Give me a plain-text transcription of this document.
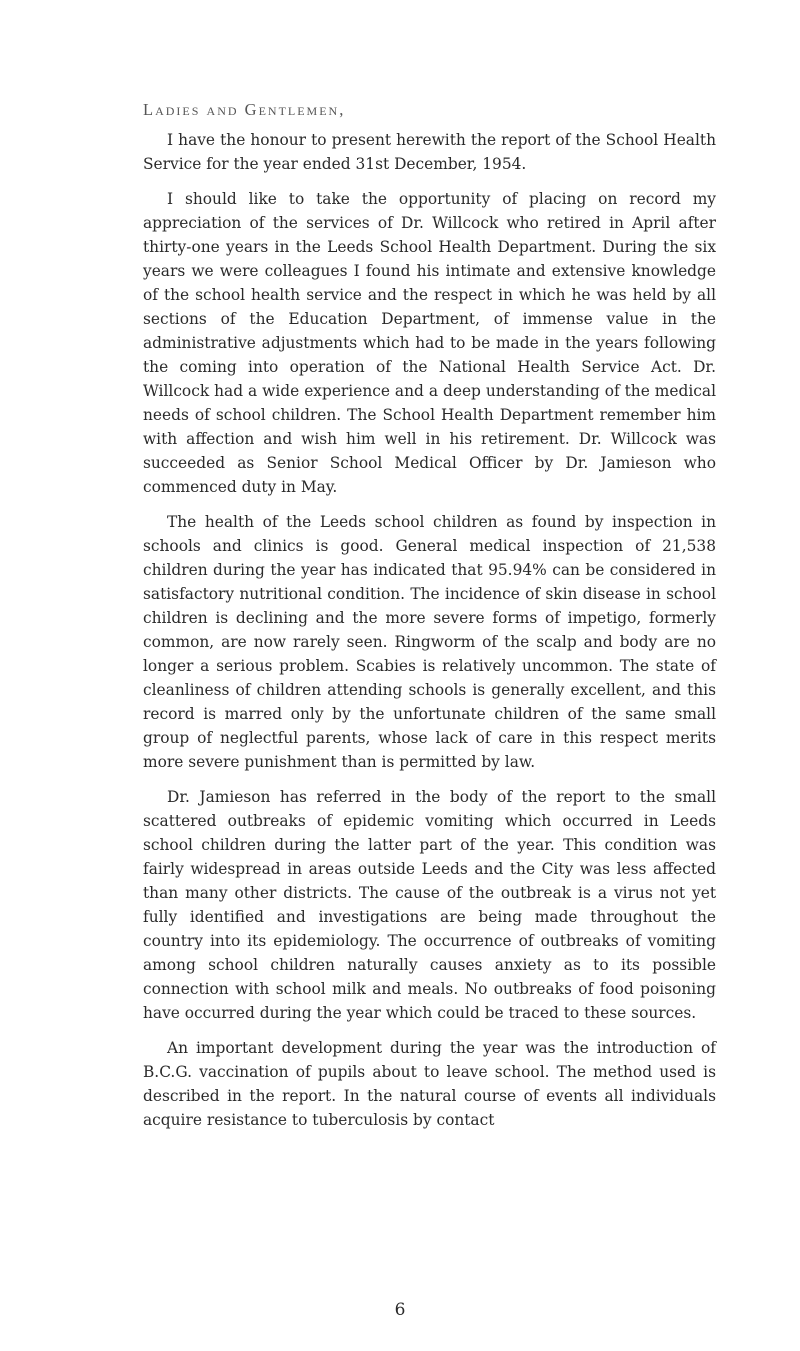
Ladies and Gentlemen,

I have the honour to present herewith the report of the School Health Service for the year ended 31st December, 1954.

I should like to take the opportunity of placing on record my appreciation of the services of Dr. Willcock who retired in April after thirty-one years in the Leeds School Health Department. During the six years we were colleagues I found his intimate and extensive knowledge of the school health service and the respect in which he was held by all sections of the Education Department, of immense value in the administrative adjustments which had to be made in the years following the coming into operation of the National Health Service Act. Dr. Willcock had a wide experience and a deep understanding of the medical needs of school children. The School Health Department remember him with affection and wish him well in his retirement. Dr. Willcock was succeeded as Senior School Medical Officer by Dr. Jamieson who commenced duty in May.

The health of the Leeds school children as found by inspection in schools and clinics is good. General medical inspection of 21,538 children during the year has indicated that 95.94% can be considered in satisfactory nutritional condition. The incidence of skin disease in school children is declining and the more severe forms of impetigo, formerly common, are now rarely seen. Ringworm of the scalp and body are no longer a serious problem. Scabies is relatively uncommon. The state of cleanliness of children attending schools is generally excellent, and this record is marred only by the unfortunate children of the same small group of neglectful parents, whose lack of care in this respect merits more severe punishment than is permitted by law.

Dr. Jamieson has referred in the body of the report to the small scattered outbreaks of epidemic vomiting which occurred in Leeds school children during the latter part of the year. This condition was fairly widespread in areas outside Leeds and the City was less affected than many other districts. The cause of the outbreak is a virus not yet fully identified and investigations are being made throughout the country into its epidemiology. The occurrence of outbreaks of vomiting among school children naturally causes anxiety as to its possible connection with school milk and meals. No outbreaks of food poisoning have occurred during the year which could be traced to these sources.

An important development during the year was the introduction of B.C.G. vaccination of pupils about to leave school. The method used is described in the report. In the natural course of events all individuals acquire resistance to tuberculosis by contact

6
